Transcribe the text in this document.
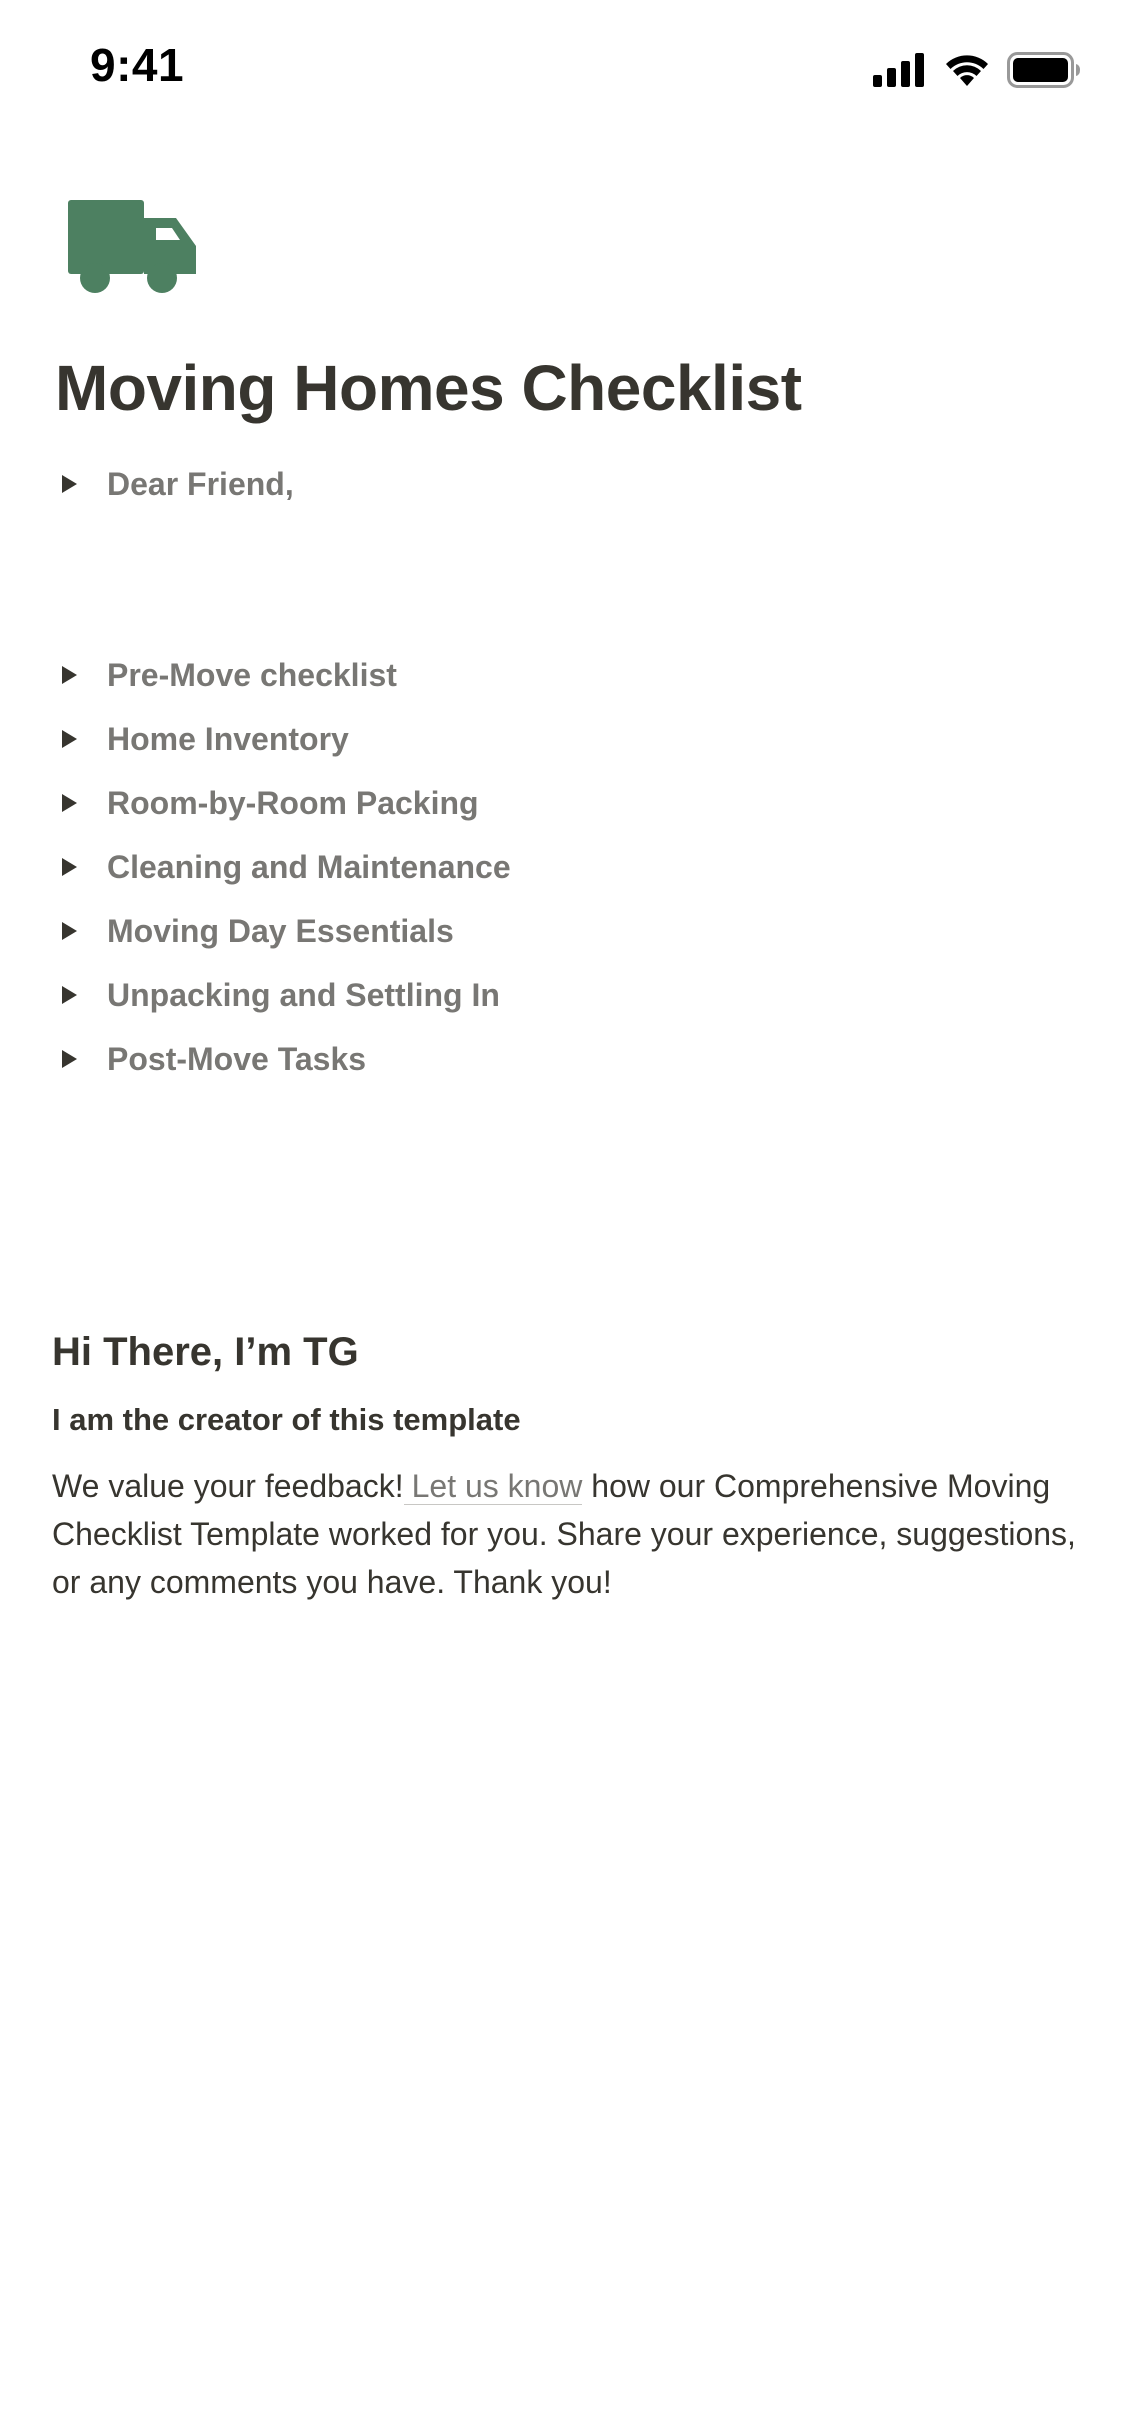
9:41
Moving Homes Checklist
Dear Friend,
Pre-Move checklist
Home Inventory
Room-by-Room Packing
Cleaning and Maintenance
Moving Day Essentials
Unpacking and Settling In
Post-Move Tasks
Hi There, I’m TG

I am the creator of this template

We value your feedback! Let us know how our Comprehensive Moving Checklist Template worked for you. Share your experience, suggestions, or any comments you have. Thank you!
